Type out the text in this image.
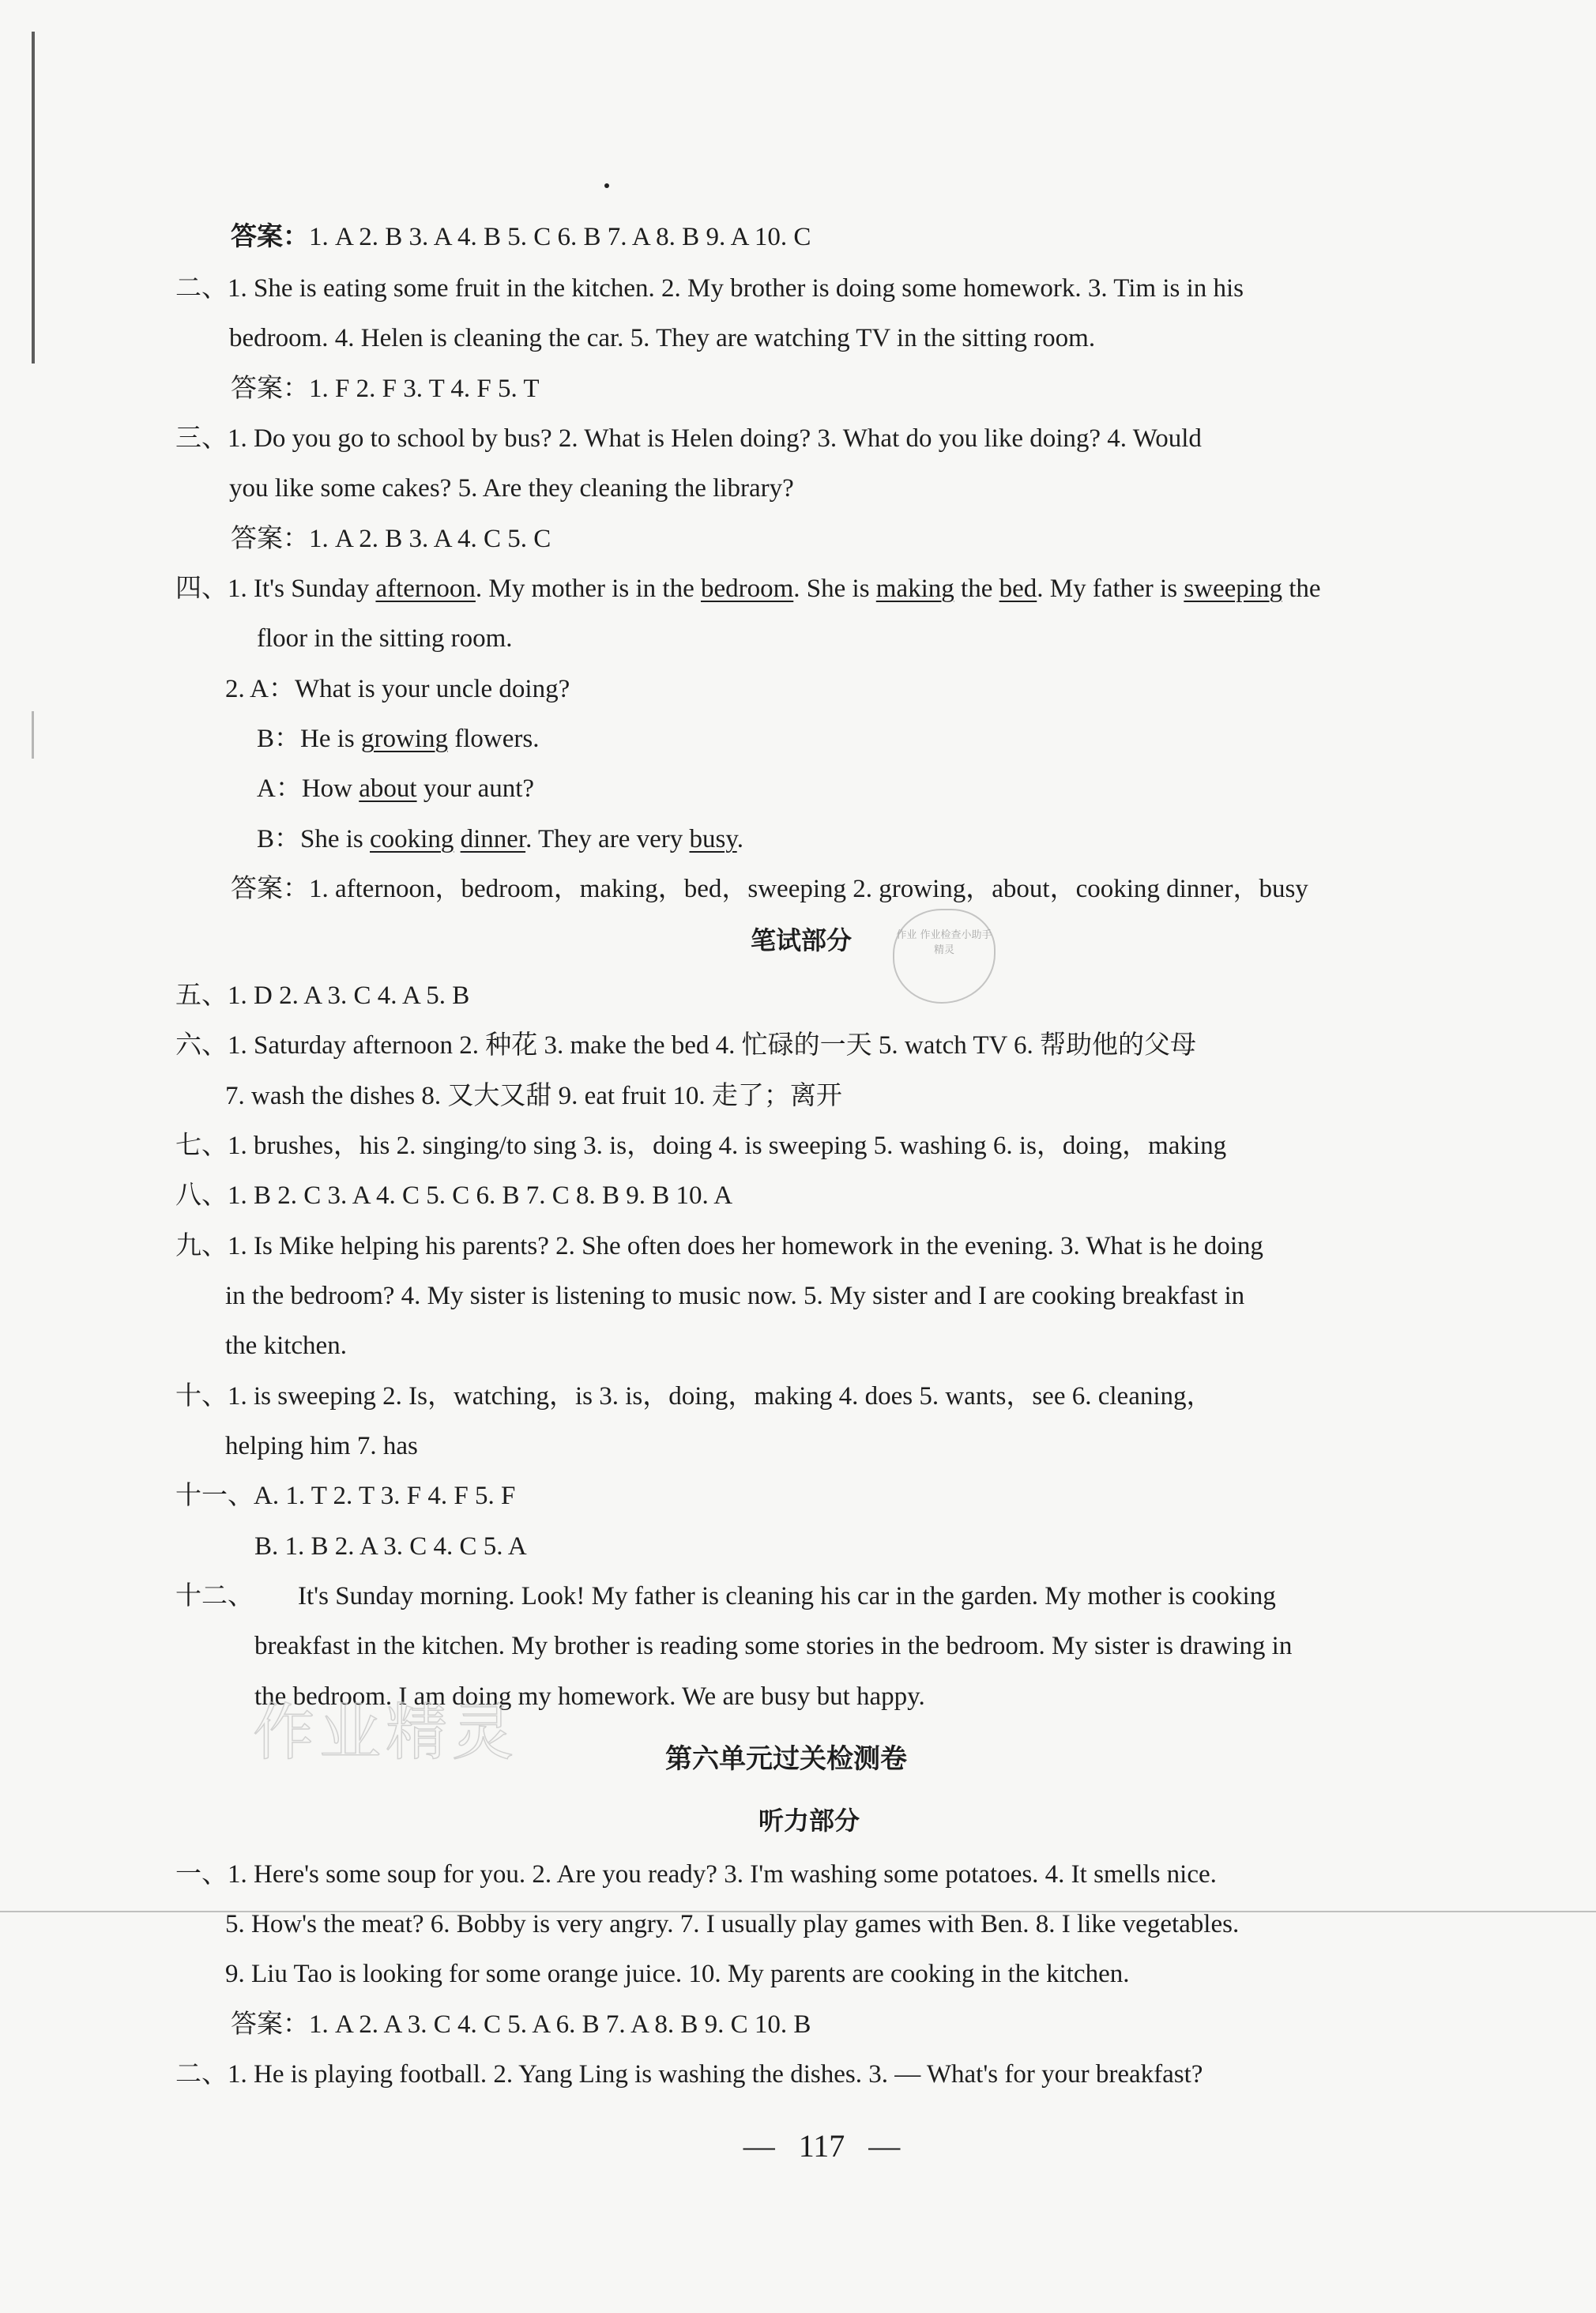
答案：1. A 2. B 3. A 4. B 5. C 6. B 7. A 8. B 9. A 10. C
二、1. She is eating some fruit in the kitchen. 2. My brother is doing some homework. 3. Tim is in his
bedroom. 4. Helen is cleaning the car. 5. They are watching TV in the sitting room.
答案：1. F 2. F 3. T 4. F 5. T
三、1. Do you go to school by bus? 2. What is Helen doing? 3. What do you like doing? 4. Would
you like some cakes? 5. Are they cleaning the library?
答案：1. A 2. B 3. A 4. C 5. C
四、1. It's Sunday afternoon. My mother is in the bedroom. She is making the bed. My father is sweeping the
floor in the sitting room.
2. A：What is your uncle doing?
B：He is growing flowers.
A：How about your aunt?
B：She is cooking dinner. They are very busy.
答案：1. afternoon，bedroom，making，bed，sweeping 2. growing，about，cooking dinner，busy
笔试部分	作业 作业检查小助手 精灵
五、1. D 2. A 3. C 4. A 5. B
六、1. Saturday afternoon 2. 种花 3. make the bed 4. 忙碌的一天 5. watch TV 6. 帮助他的父母
7. wash the dishes 8. 又大又甜 9. eat fruit 10. 走了；离开
七、1. brushes，his 2. singing/to sing 3. is，doing 4. is sweeping 5. washing 6. is，doing，making
八、1. B 2. C 3. A 4. C 5. C 6. B 7. C 8. B 9. B 10. A
九、1. Is Mike helping his parents? 2. She often does her homework in the evening. 3. What is he doing
in the bedroom? 4. My sister is listening to music now. 5. My sister and I are cooking breakfast in
the kitchen.
十、1. is sweeping 2. Is，watching，is 3. is，doing，making 4. does 5. wants，see 6. cleaning，
helping him 7. has
十一、A. 1. T 2. T 3. F 4. F 5. F
B. 1. B 2. A 3. C 4. C 5. A
十二、 It's Sunday morning. Look! My father is cleaning his car in the garden. My mother is cooking
breakfast in the kitchen. My brother is reading some stories in the bedroom. My sister is drawing in
the bedroom. I am doing my homework. We are busy but happy.
作业精灵	第六单元过关检测卷
听力部分
一、1. Here's some soup for you. 2. Are you ready? 3. I'm washing some potatoes. 4. It smells nice.
5. How's the meat? 6. Bobby is very angry. 7. I usually play games with Ben. 8. I like vegetables.
9. Liu Tao is looking for some orange juice. 10. My parents are cooking in the kitchen.
答案：1. A 2. A 3. C 4. C 5. A 6. B 7. A 8. B 9. C 10. B
二、1. He is playing football. 2. Yang Ling is washing the dishes. 3. — What's for your breakfast?
— 117 —
